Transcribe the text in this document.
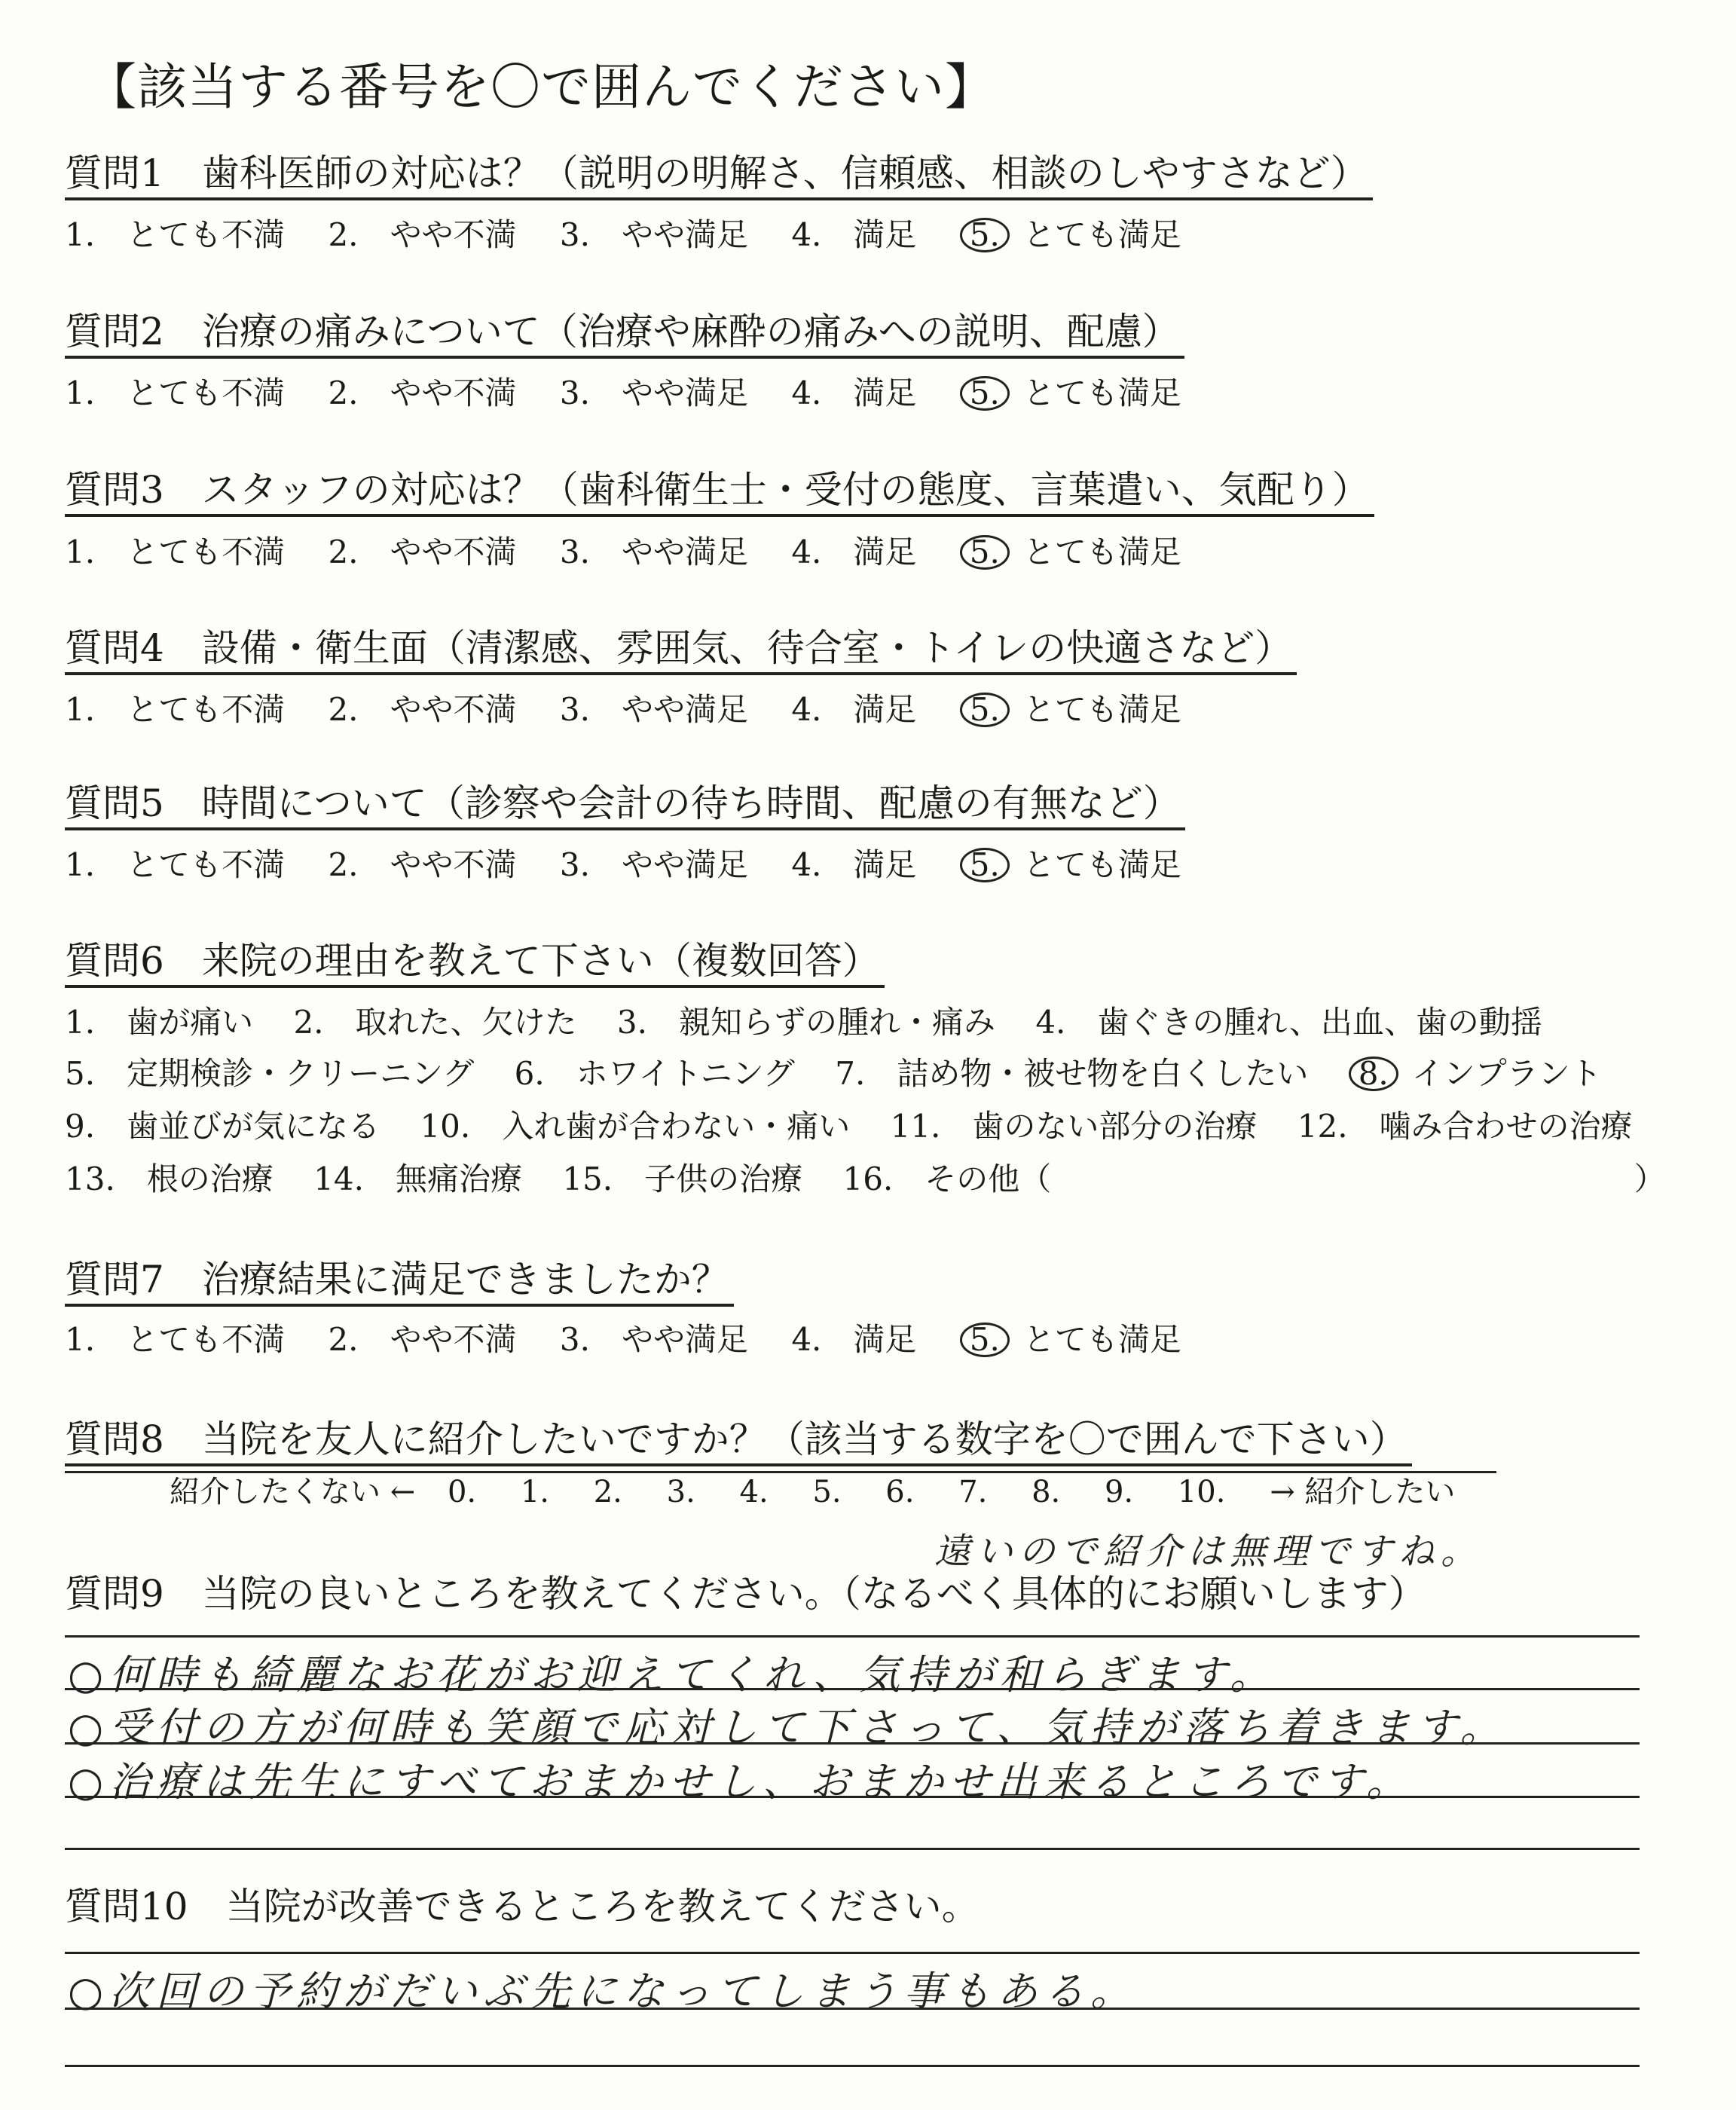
【該当する番号を〇で囲んでください】
質問1　歯科医師の対応は？（説明の明解さ、信頼感、相談のしやすさなど）
1.　とても不満 2.　やや不満 3.　やや満足 4.　満足 5. とても満足
質問2　治療の痛みについて（治療や麻酔の痛みへの説明、配慮）
1.　とても不満 2.　やや不満 3.　やや満足 4.　満足 5. とても満足
質問3　スタッフの対応は？（歯科衛生士・受付の態度、言葉遣い、気配り）
1.　とても不満 2.　やや不満 3.　やや満足 4.　満足 5. とても満足
質問4　設備・衛生面（清潔感、雰囲気、待合室・トイレの快適さなど）
1.　とても不満 2.　やや不満 3.　やや満足 4.　満足 5. とても満足
質問5　時間について（診察や会計の待ち時間、配慮の有無など）
1.　とても不満 2.　やや不満 3.　やや満足 4.　満足 5. とても満足
質問6　来院の理由を教えて下さい（複数回答）
1.　歯が痛い 2.　取れた、欠けた 3.　親知らずの腫れ・痛み 4.　歯ぐきの腫れ、出血、歯の動揺
5.　定期検診・クリーニング 6.　ホワイトニング 7.　詰め物・被せ物を白くしたい 8. インプラント
9.　歯並びが気になる 10.　入れ歯が合わない・痛い 11.　歯のない部分の治療 12.　噛み合わせの治療
13.　根の治療 14.　無痛治療 15.　子供の治療 16.　その他（	）
質問7　治療結果に満足できましたか？
1.　とても不満 2.　やや不満 3.　やや満足 4.　満足 5. とても満足
質問8　当院を友人に紹介したいですか？（該当する数字を〇で囲んで下さい）
紹介したくない ← 0. 1. 2. 3. 4. 5. 6. 7. 8. 9. 10. → 紹介したい
遠いので紹介は無理ですね。
質問9　当院の良いところを教えてください。（なるべく具体的にお願いします）
○何時も綺麗なお花がお迎えてくれ、気持が和らぎます。
○受付の方が何時も笑顔で応対して下さって、気持が落ち着きます。
○治療は先生にすべておまかせし、おまかせ出来るところです。
質問10　当院が改善できるところを教えてください。
○次回の予約がだいぶ先になってしまう事もある。
